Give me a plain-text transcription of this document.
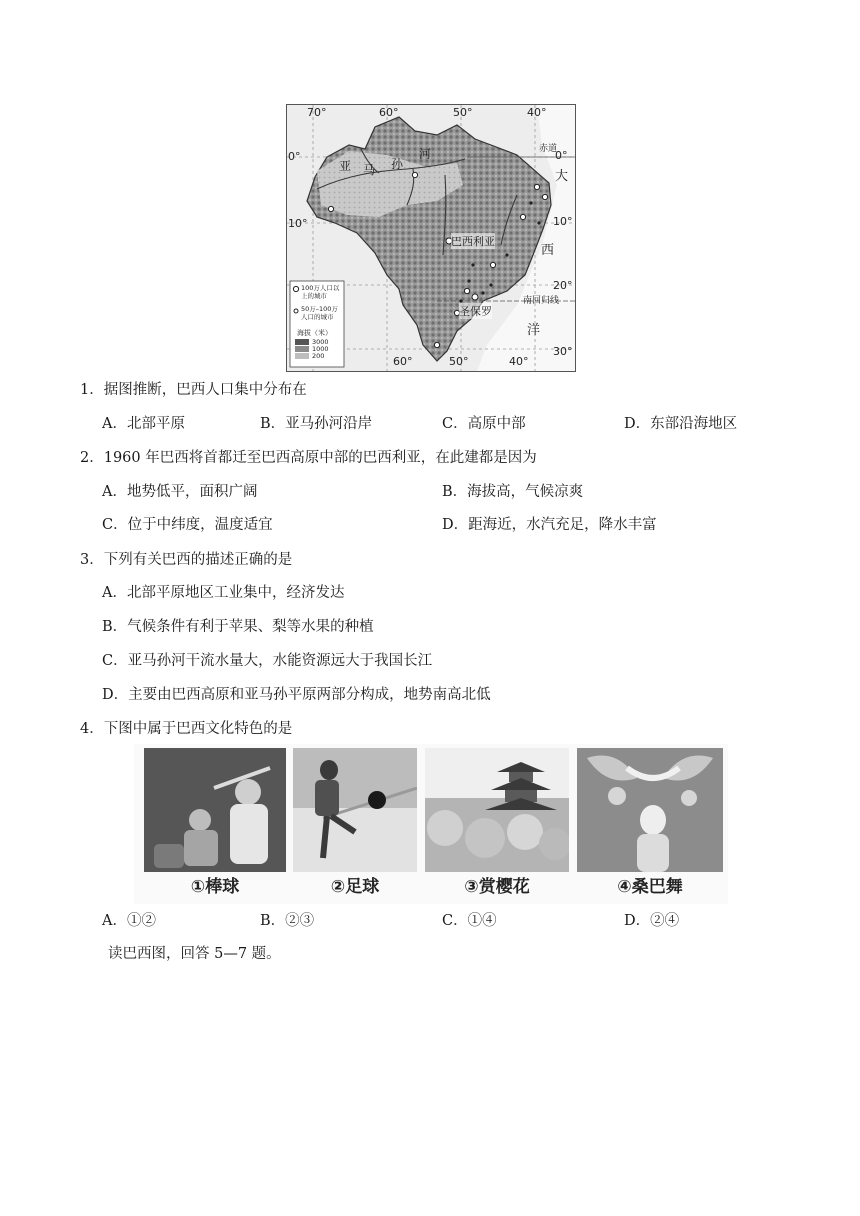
70°	60°	50°	40°
60°	50°	40°
0°
10°
0°
10°
20°
30°
赤道
南回归线
亚 马 孙
河
大
西
洋
巴西利亚
圣保罗
100万人口以上的城市
50万–100万人口的城市
海拔（米）
3000
1000
200
1．据图推断，巴西人口集中分布在
A．北部平原	B．亚马孙河沿岸	C．高原中部	D．东部沿海地区
2．1960 年巴西将首都迁至巴西高原中部的巴西利亚，在此建都是因为
A．地势低平，面积广阔	B．海拔高，气候凉爽
C．位于中纬度，温度适宜	D．距海近，水汽充足，降水丰富
3．下列有关巴西的描述正确的是
A．北部平原地区工业集中，经济发达
B．气候条件有利于苹果、梨等水果的种植
C．亚马孙河干流水量大，水能资源远大于我国长江
D．主要由巴西高原和亚马孙平原两部分构成，地势南高北低
4．下图中属于巴西文化特色的是
①棒球	②足球	③赏樱花	④桑巴舞
A．①②	B．②③	C．①④	D．②④
读巴西图，回答 5—7 题。
